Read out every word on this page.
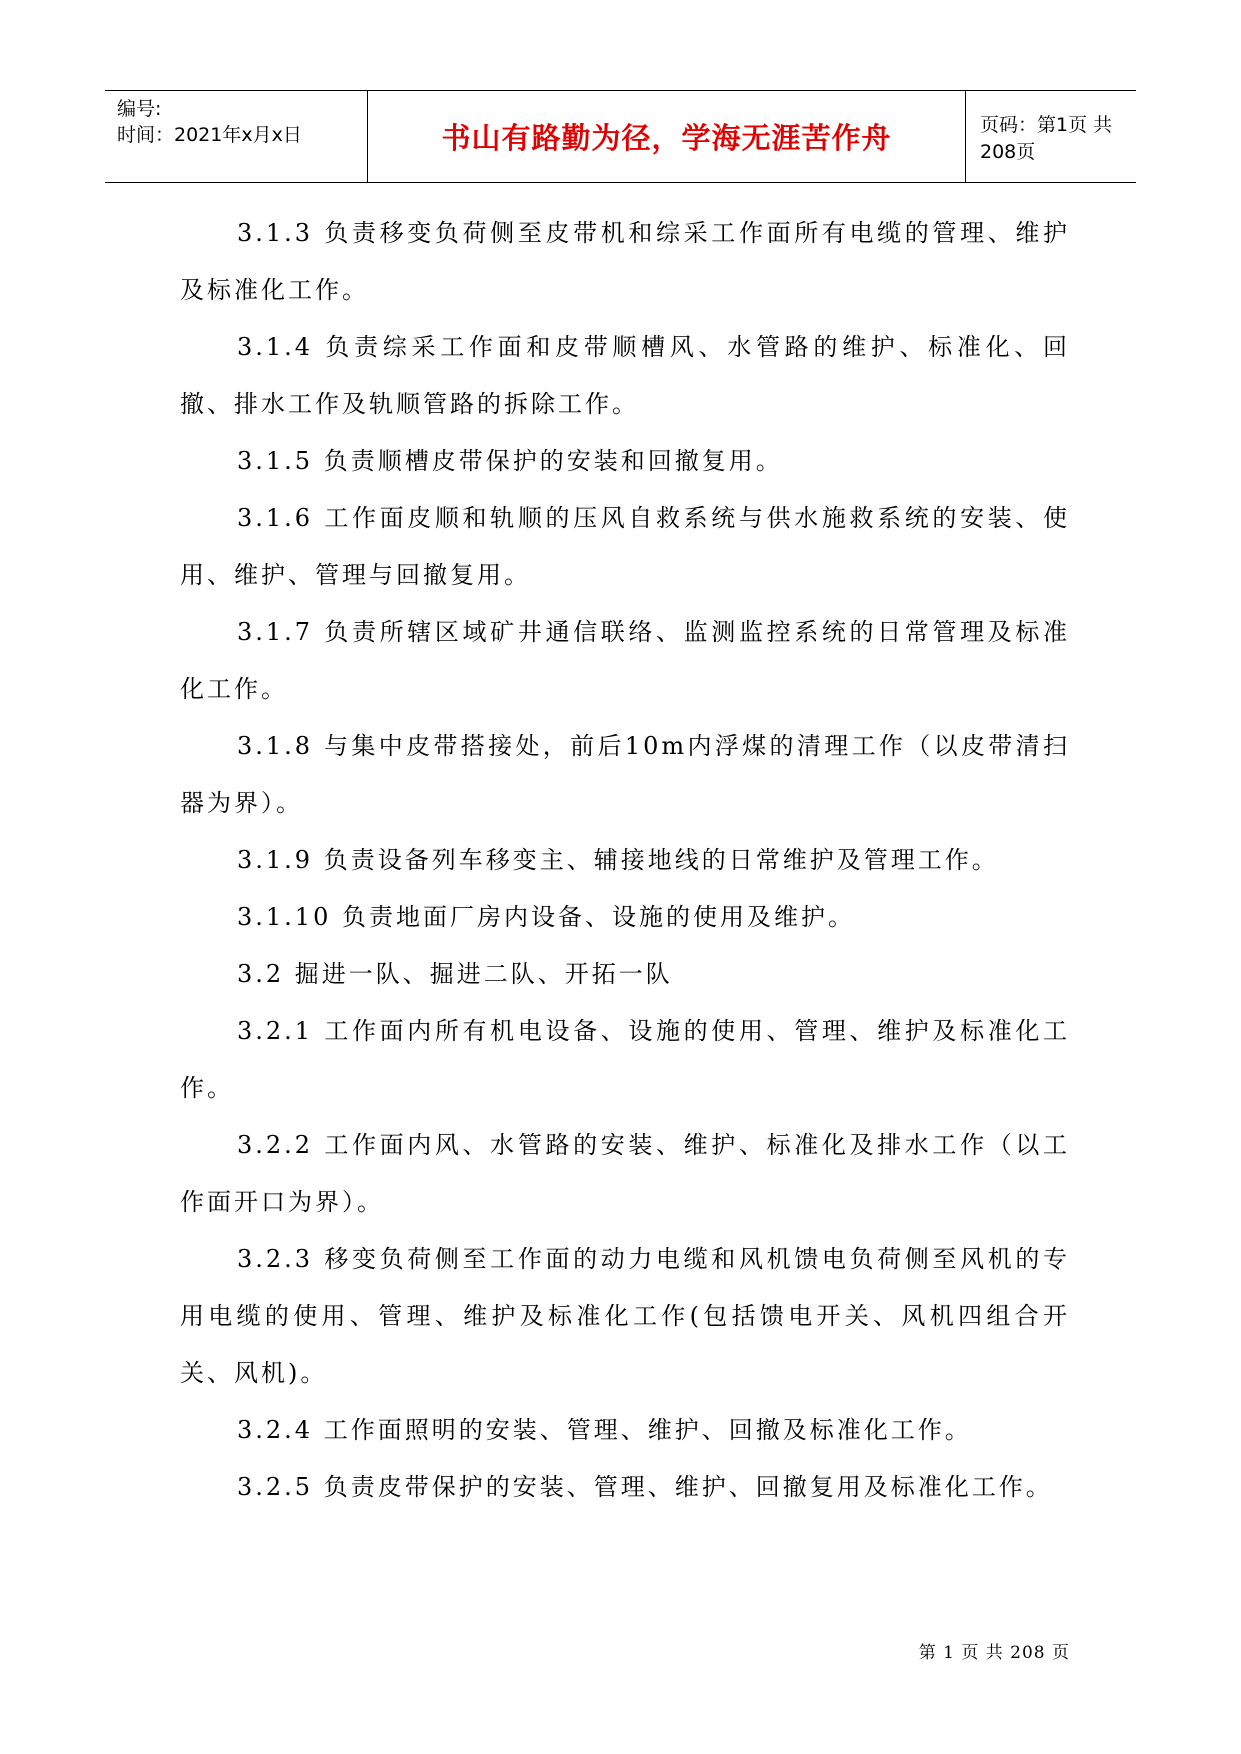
编号:
时间：2021年x月x日	书山有路勤为径，学海无涯苦作舟	页码：第1页 共208页

3.1.3 负责移变负荷侧至皮带机和综采工作面所有电缆的管理、维护及标准化工作。

3.1.4 负责综采工作面和皮带顺槽风、水管路的维护、标准化、回撤、排水工作及轨顺管路的拆除工作。

3.1.5 负责顺槽皮带保护的安装和回撤复用。

3.1.6 工作面皮顺和轨顺的压风自救系统与供水施救系统的安装、使用、维护、管理与回撤复用。

3.1.7 负责所辖区域矿井通信联络、监测监控系统的日常管理及标准化工作。

3.1.8 与集中皮带搭接处，前后10m内浮煤的清理工作（以皮带清扫器为界）。

3.1.9 负责设备列车移变主、辅接地线的日常维护及管理工作。

3.1.10 负责地面厂房内设备、设施的使用及维护。

3.2 掘进一队、掘进二队、开拓一队

3.2.1 工作面内所有机电设备、设施的使用、管理、维护及标准化工作。

3.2.2 工作面内风、水管路的安装、维护、标准化及排水工作（以工作面开口为界）。

3.2.3 移变负荷侧至工作面的动力电缆和风机馈电负荷侧至风机的专用电缆的使用、管理、维护及标准化工作(包括馈电开关、风机四组合开关、风机)。

3.2.4 工作面照明的安装、管理、维护、回撤及标准化工作。

3.2.5 负责皮带保护的安装、管理、维护、回撤复用及标准化工作。

第 1 页 共 208 页
